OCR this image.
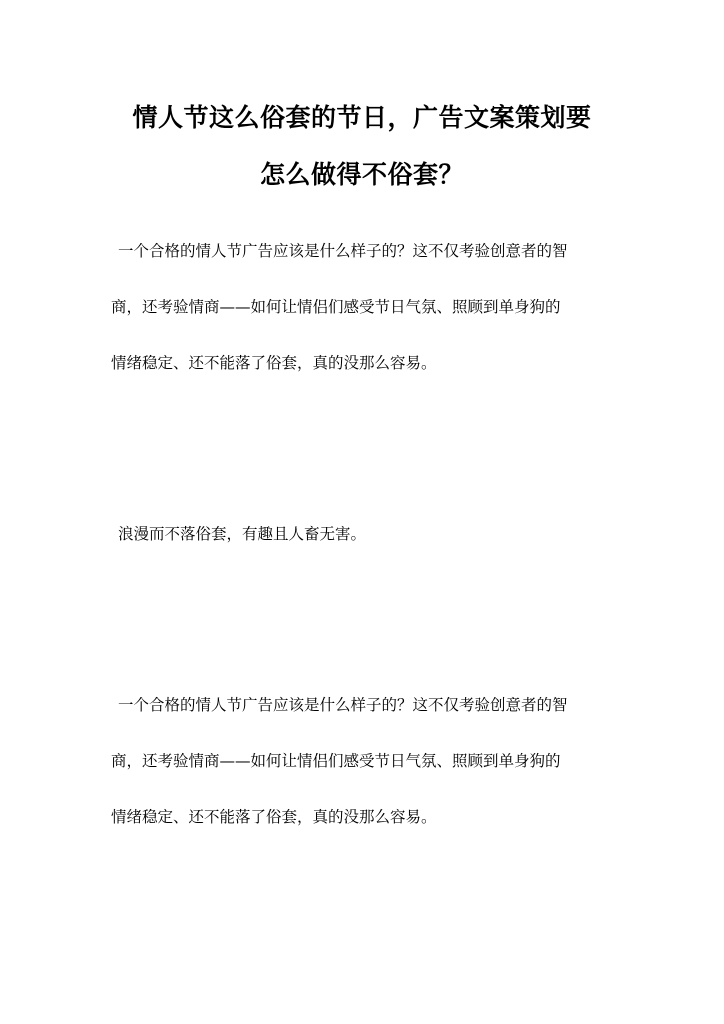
情人节这么俗套的节日，广告文案策划要
怎么做得不俗套？
一个合格的情人节广告应该是什么样子的？这不仅考验创意者的智
商，还考验情商——如何让情侣们感受节日气氛、照顾到单身狗的
情绪稳定、还不能落了俗套，真的没那么容易。
浪漫而不落俗套，有趣且人畜无害。
一个合格的情人节广告应该是什么样子的？这不仅考验创意者的智
商，还考验情商——如何让情侣们感受节日气氛、照顾到单身狗的
情绪稳定、还不能落了俗套，真的没那么容易。
